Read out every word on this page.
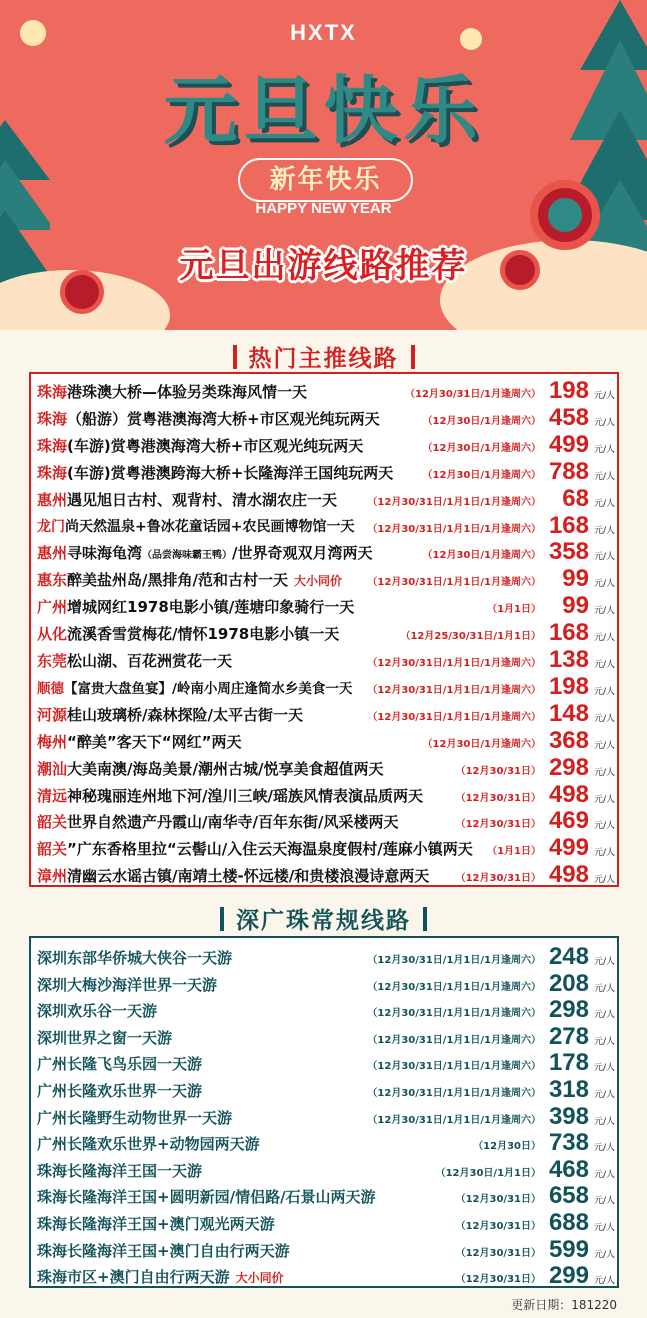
HXTX
元旦快乐
新年快乐
HAPPY NEW YEAR
元旦出游线路推荐
热门主推线路
珠海港珠澳大桥—体验另类珠海风情一天	（12月30/31日/1月逢周六） 198 元/人
珠海（船游）赏粤港澳海湾大桥+市区观光纯玩两天	（12月30日/1月逢周六） 458 元/人
珠海(车游)赏粤港澳海湾大桥+市区观光纯玩两天	（12月30日/1月逢周六） 499 元/人
珠海(车游)赏粤港澳跨海大桥+长隆海洋王国纯玩两天	（12月30日/1月逢周六） 788 元/人
惠州遇见旭日古村、观背村、清水湖农庄一天	（12月30/31日/1月1日/1月逢周六） 68 元/人
龙门尚天然温泉+鲁冰花童话园+农民画博物馆一天 （12月30/31日/1月1日/1月逢周六） 168 元/人
惠州寻味海龟湾（品尝海味霸王鸭）/世界奇观双月湾两天	（12月30日/1月逢周六） 358 元/人
惠东醉美盐州岛/黑排角/范和古村一天 大小同价	（12月30/31日/1月1日/1月逢周六） 99 元/人
广州增城网红1978电影小镇/莲塘印象骑行一天	（1月1日） 99 元/人
从化流溪香雪赏梅花/情怀1978电影小镇一天	（12月25/30/31日/1月1日） 168 元/人
东莞松山湖、百花洲赏花一天	（12月30/31日/1月1日/1月逢周六） 138 元/人
顺德【富贵大盘鱼宴】/岭南小周庄逢简水乡美食一天 （12月30/31日/1月1日/1月逢周六） 198 元/人
河源桂山玻璃桥/森林探险/太平古街一天	（12月30/31日/1月1日/1月逢周六） 148 元/人
梅州“醉美”客天下“网红”两天	（12月30日/1月逢周六） 368 元/人
潮汕大美南澳/海岛美景/潮州古城/悦享美食超值两天	（12月30/31日） 298 元/人
清远神秘瑰丽连州地下河/湟川三峡/瑶族风情表演品质两天	（12月30/31日） 498 元/人
韶关世界自然遗产丹霞山/南华寺/百年东街/风采楼两天	（12月30/31日） 469 元/人
韶关”广东香格里拉“云髻山/入住云天海温泉度假村/莲麻小镇两天 （1月1日） 499 元/人
漳州清幽云水谣古镇/南靖土楼-怀远楼/和贵楼浪漫诗意两天	（12月30/31日） 498 元/人
深广珠常规线路
深圳东部华侨城大侠谷一天游	（12月30/31日/1月1日/1月逢周六） 248 元/人
深圳大梅沙海洋世界一天游	（12月30/31日/1月1日/1月逢周六） 208 元/人
深圳欢乐谷一天游	（12月30/31日/1月1日/1月逢周六） 298 元/人
深圳世界之窗一天游	（12月30/31日/1月1日/1月逢周六） 278 元/人
广州长隆飞鸟乐园一天游	（12月30/31日/1月1日/1月逢周六） 178 元/人
广州长隆欢乐世界一天游	（12月30/31日/1月1日/1月逢周六） 318 元/人
广州长隆野生动物世界一天游	（12月30/31日/1月1日/1月逢周六） 398 元/人
广州长隆欢乐世界+动物园两天游	（12月30日） 738 元/人
珠海长隆海洋王国一天游	（12月30日/1月1日） 468 元/人
珠海长隆海洋王国+圆明新园/情侣路/石景山两天游	（12月30/31日） 658 元/人
珠海长隆海洋王国+澳门观光两天游	（12月30/31日） 688 元/人
珠海长隆海洋王国+澳门自由行两天游	（12月30/31日） 599 元/人
珠海市区+澳门自由行两天游 大小同价	（12月30/31日） 299 元/人
更新日期：181220
